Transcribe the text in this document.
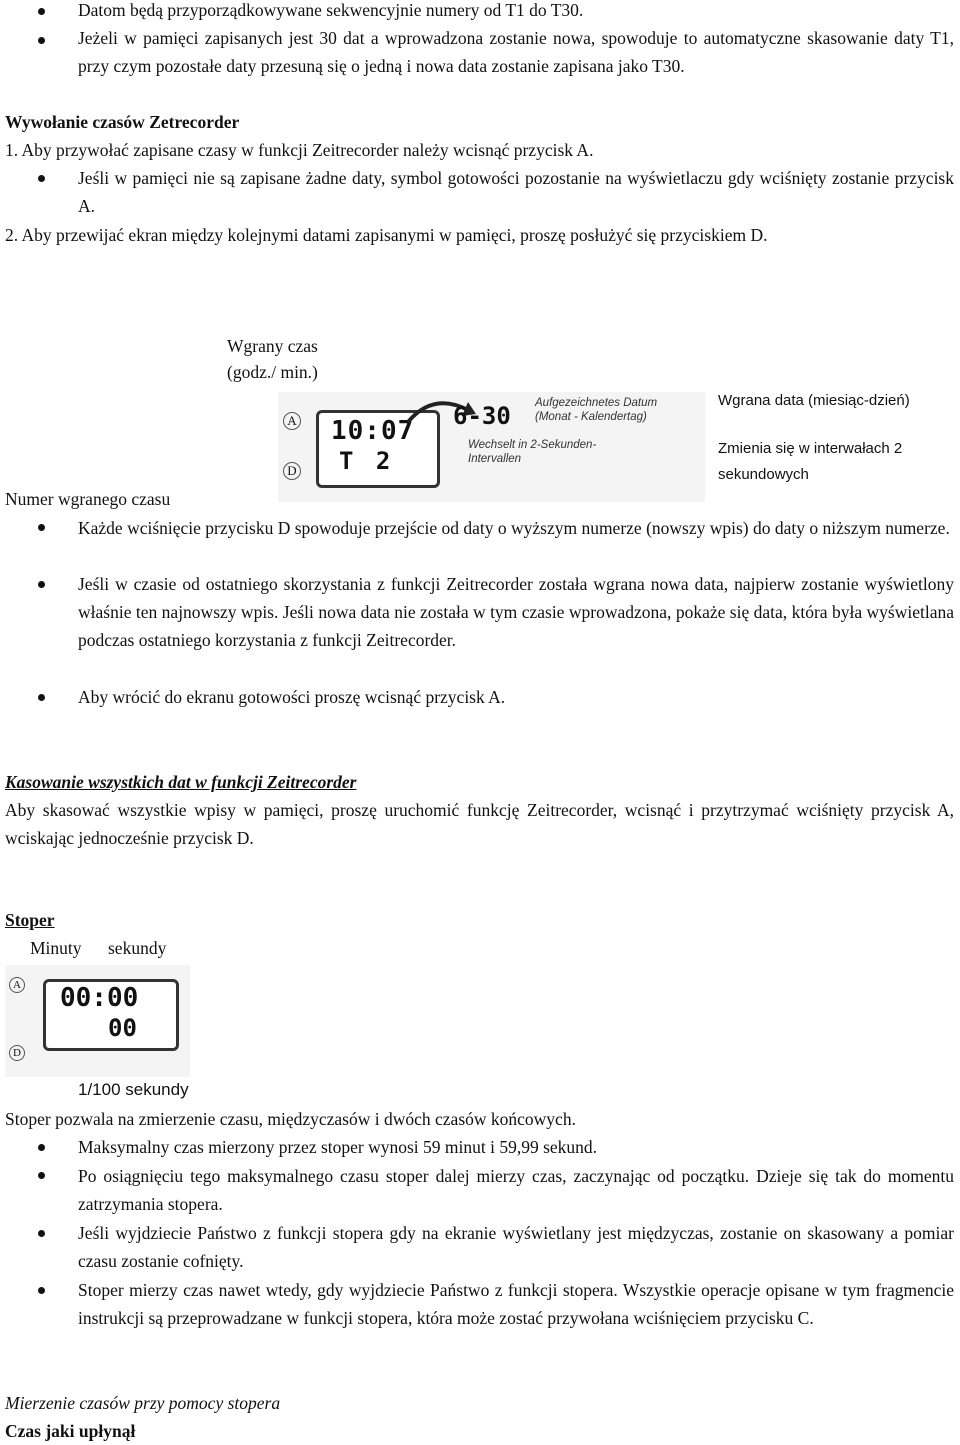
Datom będą przyporządkowywane sekwencyjnie numery od T1 do T30.
Jeżeli w pamięci zapisanych jest 30 dat a wprowadzona zostanie nowa, spowoduje to automatyczne skasowanie daty T1, przy czym pozostałe daty przesuną się o jedną i nowa data zostanie zapisana jako T30.
Wywołanie czasów Zetrecorder
1. Aby przywołać zapisane czasy w funkcji Zeitrecorder należy wcisnąć przycisk A.
Jeśli w pamięci nie są zapisane żadne daty, symbol gotowości pozostanie na wyświetlaczu gdy wciśnięty zostanie przycisk A.
2. Aby przewijać ekran między kolejnymi datami zapisanymi w pamięci, proszę posłużyć się przyciskiem D.
Wgrany czas
(godz./ min.)
A
D
10:07
T 2
6-30 Aufgezeichnetes Datum
(Monat - Kalendertag)
Wechselt in 2-Sekunden-
Intervallen
Wgrana data (miesiąc-dzień)
Zmienia się w interwałach 2
sekundowych
Numer wgranego czasu
Każde wciśnięcie przycisku D spowoduje przejście od daty o wyższym numerze (nowszy wpis) do daty o niższym numerze.
Jeśli w czasie od ostatniego skorzystania z funkcji Zeitrecorder została wgrana nowa data, najpierw zostanie wyświetlony właśnie ten najnowszy wpis. Jeśli nowa data nie została w tym czasie wprowadzona, pokaże się data, która była wyświetlana podczas ostatniego korzystania z funkcji Zeitrecorder.
Aby wrócić do ekranu gotowości proszę wcisnąć przycisk A.
Kasowanie wszystkich dat w funkcji Zeitrecorder
Aby skasować wszystkie wpisy w pamięci, proszę uruchomić funkcję Zeitrecorder, wcisnąć i przytrzymać wciśnięty przycisk A, wciskając jednocześnie przycisk D.
Stoper
Minuty sekundy
A
D
00:00
00
1/100 sekundy
Stoper pozwala na zmierzenie czasu, międzyczasów i dwóch czasów końcowych.
Maksymalny czas mierzony przez stoper wynosi 59 minut i 59,99 sekund.
Po osiągnięciu tego maksymalnego czasu stoper dalej mierzy czas, zaczynając od początku. Dzieje się tak do momentu zatrzymania stopera.
Jeśli wyjdziecie Państwo z funkcji stopera gdy na ekranie wyświetlany jest międzyczas, zostanie on skasowany a pomiar czasu zostanie cofnięty.
Stoper mierzy czas nawet wtedy, gdy wyjdziecie Państwo z funkcji stopera. Wszystkie operacje opisane w tym fragmencie instrukcji są przeprowadzane w funkcji stopera, która może zostać przywołana wciśnięciem przycisku C.
Mierzenie czasów przy pomocy stopera
Czas jaki upłynął
